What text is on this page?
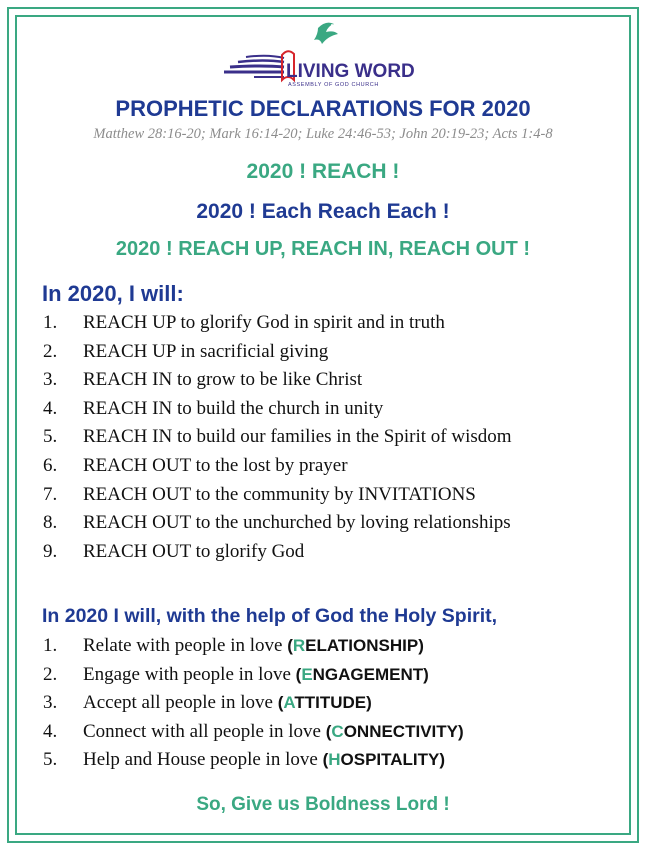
LIVING WORD
ASSEMBLY OF GOD CHURCH
PROPHETIC DECLARATIONS FOR 2020
Matthew 28:16-20; Mark 16:14-20; Luke 24:46-53; John 20:19-23; Acts 1:4-8
2020 ! REACH !
2020 ! Each Reach Each !
2020 ! REACH UP, REACH IN, REACH OUT !
In 2020, I will:
1.	REACH UP to glorify God in spirit and in truth
2.	REACH UP in sacrificial giving
3.	REACH IN to grow to be like Christ
4.	REACH IN to build the church in unity
5.	REACH IN to build our families in the Spirit of wisdom
6.	REACH OUT to the lost by prayer
7.	REACH OUT to the community by INVITATIONS
8.	REACH OUT to the unchurched by loving relationships
9.	REACH OUT to glorify God
In 2020 I will, with the help of God the Holy Spirit,
1.	Relate with people in love (RELATIONSHIP)
2.	Engage with people in love (ENGAGEMENT)
3.	Accept all people in love (ATTITUDE)
4.	Connect with all people in love (CONNECTIVITY)
5.	Help and House people in love (HOSPITALITY)
So, Give us Boldness Lord !
